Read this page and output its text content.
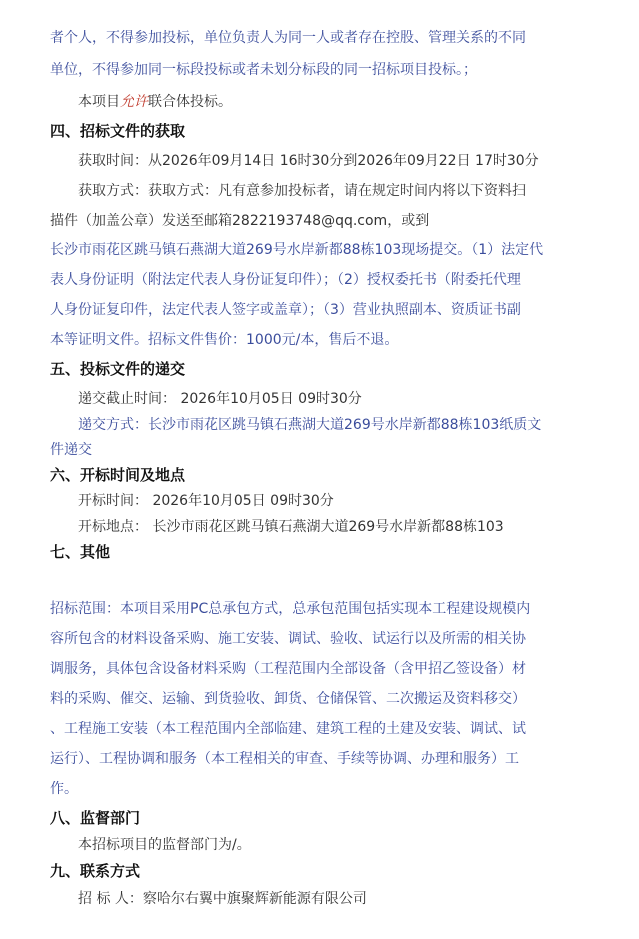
者个人，不得参加投标，单位负责人为同一人或者存在控股、管理关系的不同
单位，不得参加同一标段投标或者未划分标段的同一招标项目投标。；
本项目允许联合体投标。
四、招标文件的获取
获取时间：从2026年09月14日 16时30分到2026年09月22日 17时30分
获取方式：获取方式：凡有意参加投标者，请在规定时间内将以下资料扫
描件（加盖公章）发送至邮箱2822193748@qq.com，或到
长沙市雨花区跳马镇石燕湖大道269号水岸新都88栋103现场提交。（1）法定代
表人身份证明（附法定代表人身份证复印件）；（2）授权委托书（附委托代理
人身份证复印件，法定代表人签字或盖章）；（3）营业执照副本、资质证书副
本等证明文件。招标文件售价：1000元/本，售后不退。
五、投标文件的递交
递交截止时间： 2026年10月05日 09时30分
递交方式：长沙市雨花区跳马镇石燕湖大道269号水岸新都88栋103纸质文
件递交
六、开标时间及地点
开标时间： 2026年10月05日 09时30分
开标地点： 长沙市雨花区跳马镇石燕湖大道269号水岸新都88栋103
七、其他
招标范围：本项目采用PC总承包方式，总承包范围包括实现本工程建设规模内
容所包含的材料设备采购、施工安装、调试、验收、试运行以及所需的相关协
调服务，具体包含设备材料采购（工程范围内全部设备（含甲招乙签设备）材
料的采购、催交、运输、到货验收、卸货、仓储保管、二次搬运及资料移交）
、工程施工安装（本工程范围内全部临建、建筑工程的土建及安装、调试、试
运行）、工程协调和服务（本工程相关的审查、手续等协调、办理和服务）工
作。
八、监督部门
本招标项目的监督部门为/。
九、联系方式
招 标 人：察哈尔右翼中旗聚辉新能源有限公司
